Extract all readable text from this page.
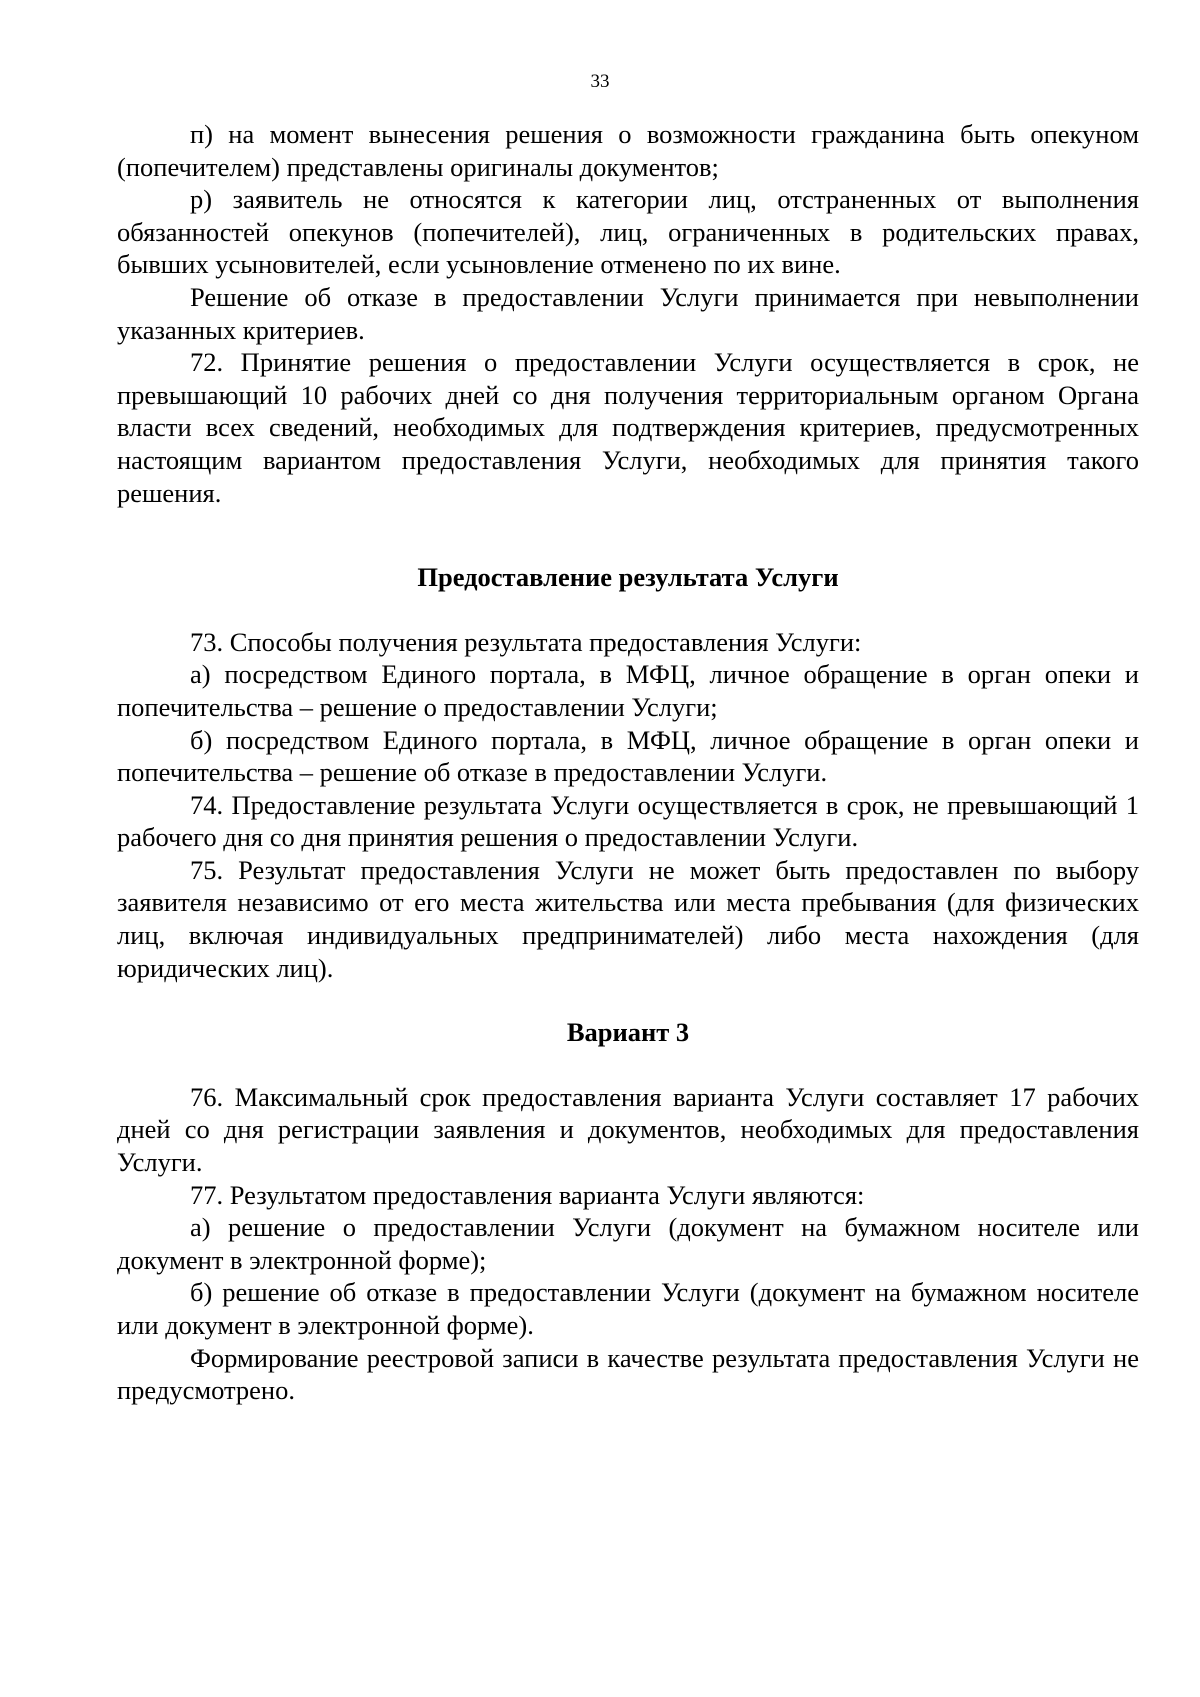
33

п) на момент вынесения решения о возможности гражданина быть опекуном (попечителем) представлены оригиналы документов;

р) заявитель не относятся к категории лиц, отстраненных от выполнения обязанностей опекунов (попечителей), лиц, ограниченных в родительских правах, бывших усыновителей, если усыновление отменено по их вине.

Решение об отказе в предоставлении Услуги принимается при невыполнении указанных критериев.

72. Принятие решения о предоставлении Услуги осуществляется в срок, не превышающий 10 рабочих дней со дня получения территориальным органом Органа власти всех сведений, необходимых для подтверждения критериев, предусмотренных настоящим вариантом предоставления Услуги, необходимых для принятия такого решения.

Предоставление результата Услуги

73. Способы получения результата предоставления Услуги:

а) посредством Единого портала, в МФЦ, личное обращение в орган опеки и попечительства – решение о предоставлении Услуги;

б) посредством Единого портала, в МФЦ, личное обращение в орган опеки и попечительства – решение об отказе в предоставлении Услуги.

74. Предоставление результата Услуги осуществляется в срок, не превышающий 1 рабочего дня со дня принятия решения о предоставлении Услуги.

75. Результат предоставления Услуги не может быть предоставлен по выбору заявителя независимо от его места жительства или места пребывания (для физических лиц, включая индивидуальных предпринимателей) либо места нахождения (для юридических лиц).

Вариант 3

76. Максимальный срок предоставления варианта Услуги составляет 17 рабочих дней со дня регистрации заявления и документов, необходимых для предоставления Услуги.

77. Результатом предоставления варианта Услуги являются:

а) решение о предоставлении Услуги (документ на бумажном носителе или документ в электронной форме);

б) решение об отказе в предоставлении Услуги (документ на бумажном носителе или документ в электронной форме).

Формирование реестровой записи в качестве результата предоставления Услуги не предусмотрено.
